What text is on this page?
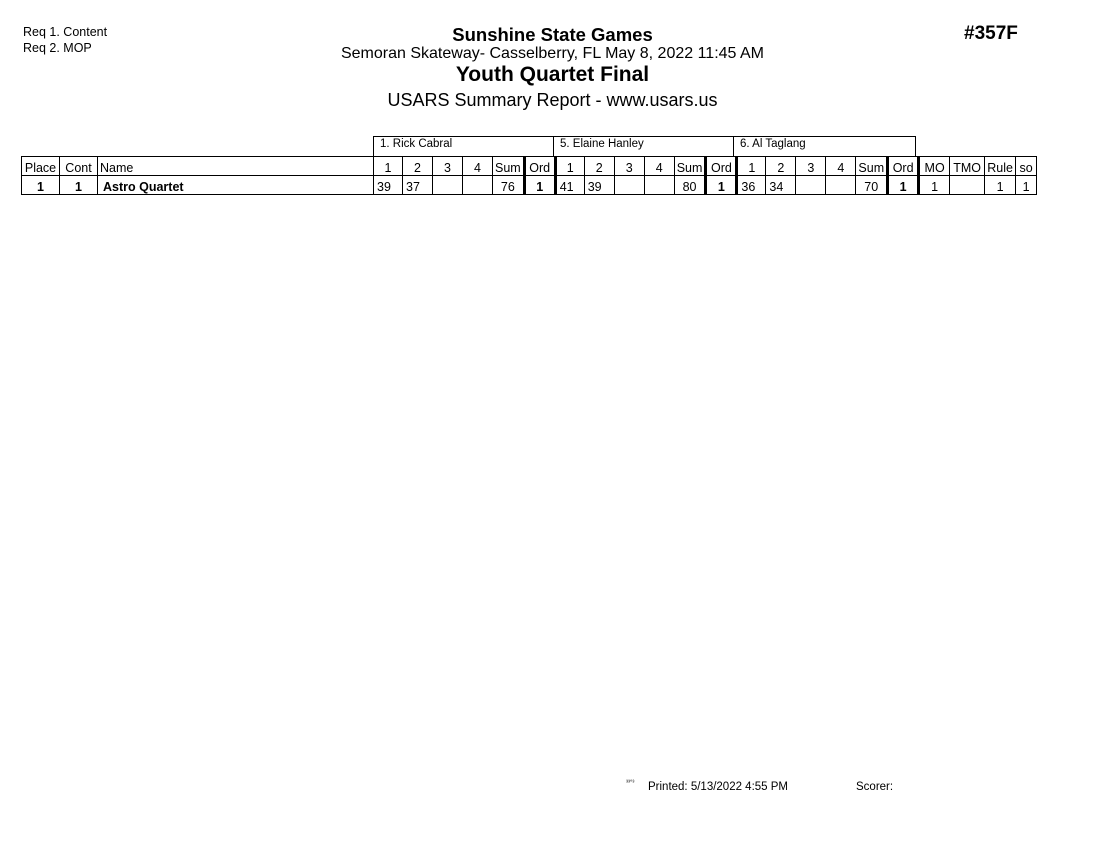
Req 1. Content
Req 2. MOP
Sunshine State Games
Semoran Skateway- Casselberry, FL May 8, 2022 11:45 AM
Youth Quartet Final
USARS Summary Report - www.usars.us
#357F
1. Rick Cabral	5. Elaine Hanley	6. Al Taglang
Place	Cont	Name	1	2	3	4	Sum	Ord	1	2	3	4	Sum	Ord	1	2	3	4	Sum	Ord	MO	TMO	Rule	so
1	1	Astro Quartet	39	37			76	1	41	39			80	1	36	34			70	1	1		1	1
³³°³ Printed: 5/13/2022 4:55 PM	Scorer:
